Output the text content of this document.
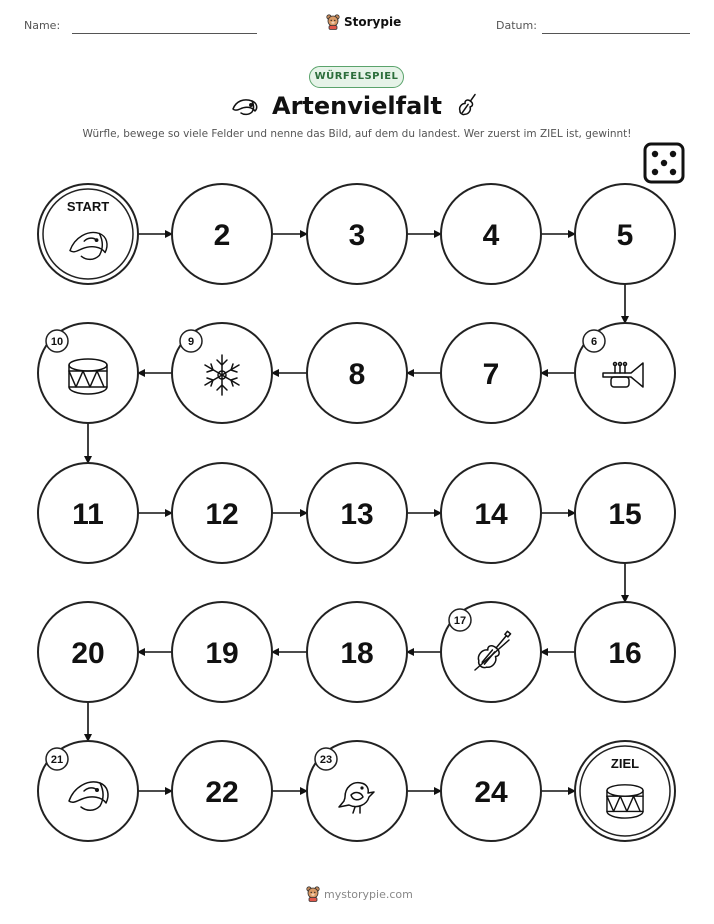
Name:	Storypie	Datum:
WÜRFELSPIEL
Artenvielfalt
Würfle, bewege so viele Felder und nenne das Bild, auf dem du landest. Wer zuerst im ZIEL ist, gewinnt!
START
2	3	4	5
6
7
8
9
10
11	12	13	14	15
16
17
18
19
20
21
22
23
24
ZIEL
mystorypie.com
